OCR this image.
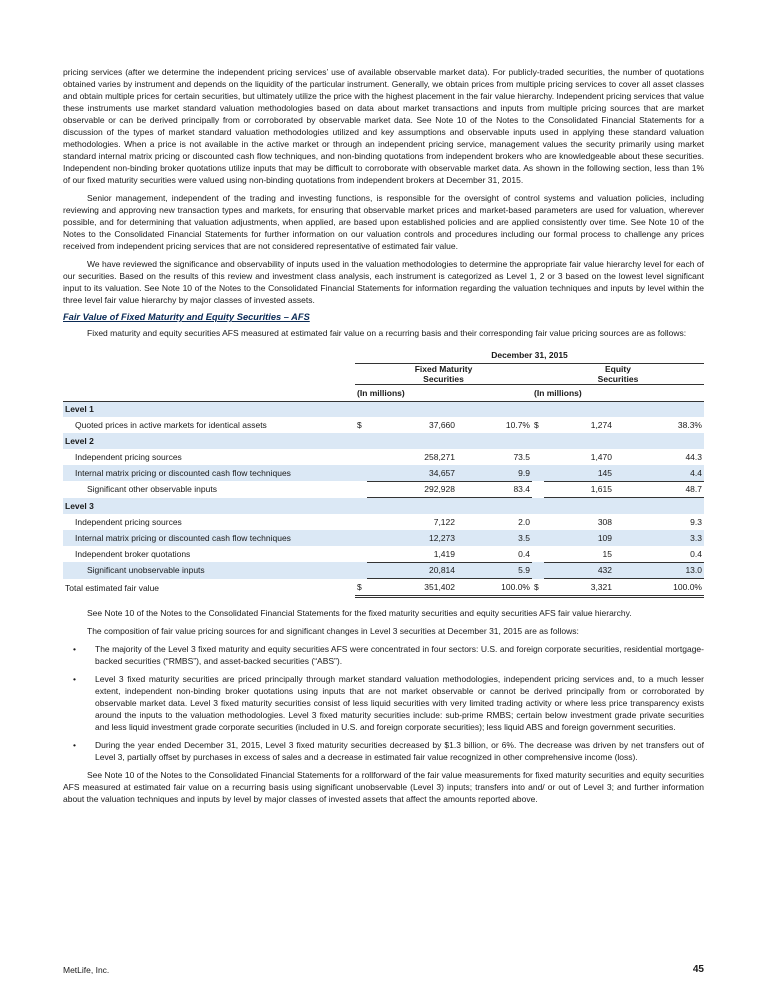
pricing services (after we determine the independent pricing services’ use of available observable market data). For publicly-traded securities, the number of quotations obtained varies by instrument and depends on the liquidity of the particular instrument. Generally, we obtain prices from multiple pricing services to cover all asset classes and obtain multiple prices for certain securities, but ultimately utilize the price with the highest placement in the fair value hierarchy. Independent pricing services that value these instruments use market standard valuation methodologies based on data about market transactions and inputs from multiple pricing sources that are market observable or can be derived principally from or corroborated by observable market data. See Note 10 of the Notes to the Consolidated Financial Statements for a discussion of the types of market standard valuation methodologies utilized and key assumptions and observable inputs used in applying these standard valuation methodologies. When a price is not available in the active market or through an independent pricing service, management values the security primarily using market standard internal matrix pricing or discounted cash flow techniques, and non-binding quotations from independent brokers who are knowledgeable about these securities. Independent non-binding broker quotations utilize inputs that may be difficult to corroborate with observable market data. As shown in the following section, less than 1% of our fixed maturity securities were valued using non-binding quotations from independent brokers at December 31, 2015.

Senior management, independent of the trading and investing functions, is responsible for the oversight of control systems and valuation policies, including reviewing and approving new transaction types and markets, for ensuring that observable market prices and market-based parameters are used for valuation, wherever possible, and for determining that valuation adjustments, when applied, are based upon established policies and are applied consistently over time. See Note 10 of the Notes to the Consolidated Financial Statements for further information on our valuation controls and procedures including our formal process to challenge any prices received from independent pricing services that are not considered representative of estimated fair value.

We have reviewed the significance and observability of inputs used in the valuation methodologies to determine the appropriate fair value hierarchy level for each of our securities. Based on the results of this review and investment class analysis, each instrument is categorized as Level 1, 2 or 3 based on the lowest level significant input to its valuation. See Note 10 of the Notes to the Consolidated Financial Statements for information regarding the valuation techniques and inputs by level within the three level fair value hierarchy by major classes of invested assets.

Fair Value of Fixed Maturity and Equity Securities – AFS

Fixed maturity and equity securities AFS measured at estimated fair value on a recurring basis and their corresponding fair value pricing sources are as follows:

	December 31, 2015					
	Fixed Maturity
Securities			Equity
Securities		
	(In millions)			(In millions)		
Level 1						
Quoted prices in active markets for identical assets	$	37,660	10.7%	$	1,274	38.3%
Level 2						
Independent pricing sources		258,271	73.5		1,470	44.3
Internal matrix pricing or discounted cash flow techniques		34,657	9.9		145	4.4
Significant other observable inputs		292,928	83.4		1,615	48.7
Level 3						
Independent pricing sources		7,122	2.0		308	9.3
Internal matrix pricing or discounted cash flow techniques		12,273	3.5		109	3.3
Independent broker quotations		1,419	0.4		15	0.4
Significant unobservable inputs		20,814	5.9		432	13.0
Total estimated fair value	$	351,402	100.0%	$	3,321	100.0%

See Note 10 of the Notes to the Consolidated Financial Statements for the fixed maturity securities and equity securities AFS fair value hierarchy.

The composition of fair value pricing sources for and significant changes in Level 3 securities at December 31, 2015 are as follows:

• The majority of the Level 3 fixed maturity and equity securities AFS were concentrated in four sectors: U.S. and foreign corporate securities, residential mortgage-backed securities (“RMBS”), and asset-backed securities (“ABS”).
• Level 3 fixed maturity securities are priced principally through market standard valuation methodologies, independent pricing services and, to a much lesser extent, independent non-binding broker quotations using inputs that are not market observable or cannot be derived principally from or corroborated by observable market data. Level 3 fixed maturity securities consist of less liquid securities with very limited trading activity or where less price transparency exists around the inputs to the valuation methodologies. Level 3 fixed maturity securities include: sub-prime RMBS; certain below investment grade private securities and less liquid investment grade corporate securities (included in U.S. and foreign corporate securities); less liquid ABS and foreign government securities.
• During the year ended December 31, 2015, Level 3 fixed maturity securities decreased by $1.3 billion, or 6%. The decrease was driven by net transfers out of Level 3, partially offset by purchases in excess of sales and a decrease in estimated fair value recognized in other comprehensive income (loss).

See Note 10 of the Notes to the Consolidated Financial Statements for a rollforward of the fair value measurements for fixed maturity securities and equity securities AFS measured at estimated fair value on a recurring basis using significant unobservable (Level 3) inputs; transfers into and/ or out of Level 3; and further information about the valuation techniques and inputs by level by major classes of invested assets that affect the amounts reported above.

MetLife, Inc.	45
